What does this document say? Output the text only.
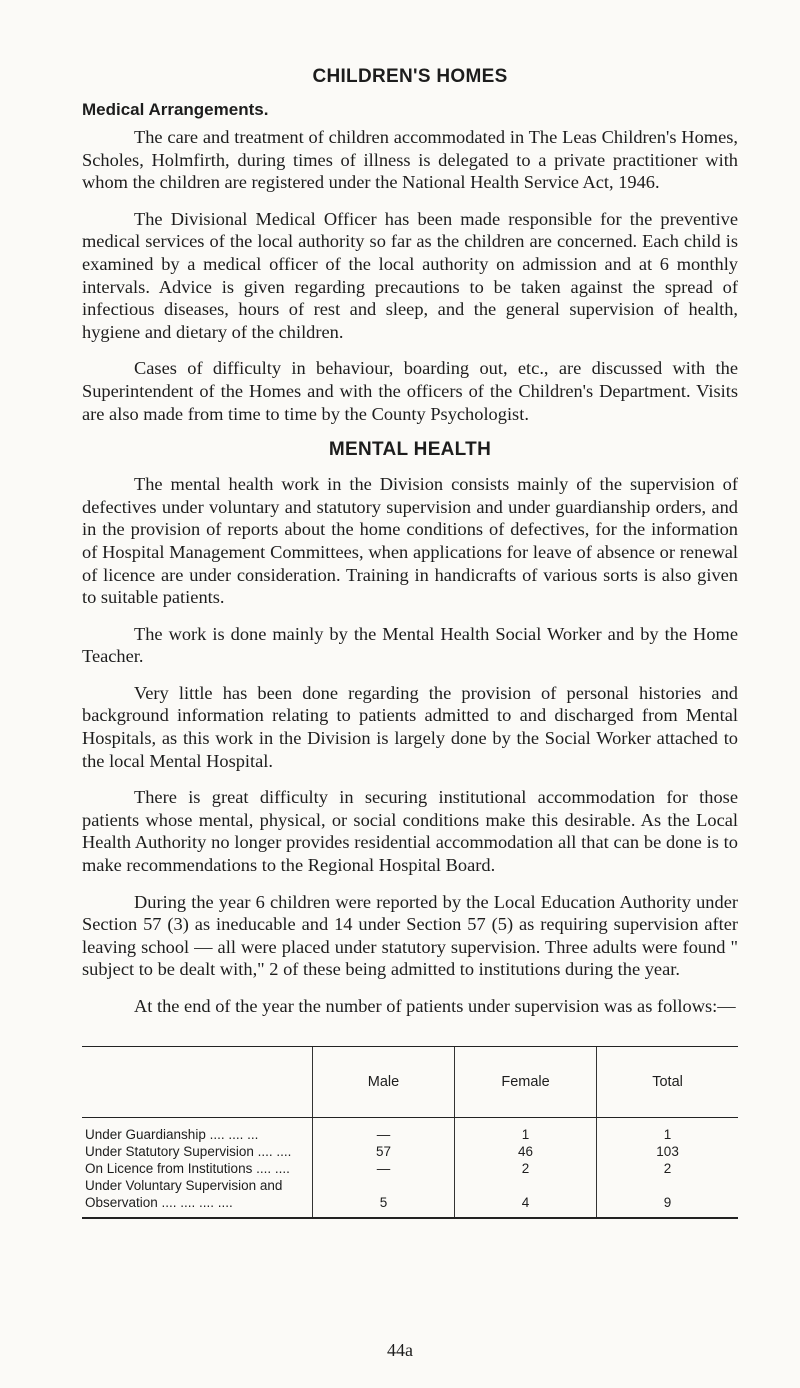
CHILDREN'S HOMES
Medical Arrangements.

The care and treatment of children accommodated in The Leas Children's Homes, Scholes, Holmfirth, during times of illness is delegated to a private practitioner with whom the children are registered under the National Health Service Act, 1946.

The Divisional Medical Officer has been made responsible for the preventive medical services of the local authority so far as the children are concerned. Each child is examined by a medical officer of the local authority on admission and at 6 monthly intervals. Advice is given regarding precautions to be taken against the spread of infectious diseases, hours of rest and sleep, and the general supervision of health, hygiene and dietary of the children.

Cases of difficulty in behaviour, boarding out, etc., are discussed with the Superintendent of the Homes and with the officers of the Children's Department. Visits are also made from time to time by the County Psychologist.

MENTAL HEALTH

The mental health work in the Division consists mainly of the supervision of defectives under voluntary and statutory supervision and under guardianship orders, and in the provision of reports about the home conditions of defectives, for the information of Hospital Management Committees, when applications for leave of absence or renewal of licence are under consideration. Training in handicrafts of various sorts is also given to suitable patients.

The work is done mainly by the Mental Health Social Worker and by the Home Teacher.

Very little has been done regarding the provision of personal histories and background information relating to patients admitted to and discharged from Mental Hospitals, as this work in the Division is largely done by the Social Worker attached to the local Mental Hospital.

There is great difficulty in securing institutional accommodation for those patients whose mental, physical, or social conditions make this desirable. As the Local Health Authority no longer provides residential accommodation all that can be done is to make recommendations to the Regional Hospital Board.

During the year 6 children were reported by the Local Education Authority under Section 57 (3) as ineducable and 14 under Section 57 (5) as requiring supervision after leaving school — all were placed under statutory supervision. Three adults were found " subject to be dealt with," 2 of these being admitted to institutions during the year.

At the end of the year the number of patients under supervision was as follows:—

	Male	Female	Total
Under Guardianship .... .... ...	—	1	1
Under Statutory Supervision .... ....	57	46	103
On Licence from Institutions .... ....	—	2	2

Under Voluntary Supervision and
Observation .... .... .... ....	5	4	9
44a
